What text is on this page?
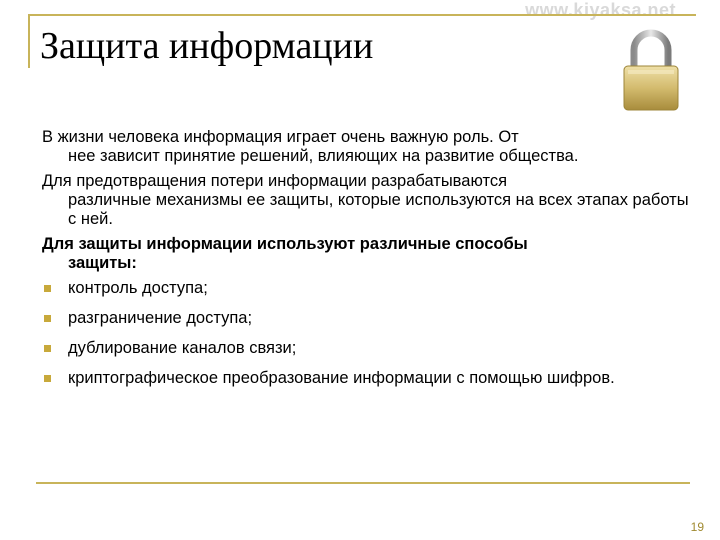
www.kiyaksa.net
Защита информации
В жизни человека информация играет очень важную роль. От
нее зависит принятие решений, влияющих на развитие общества.
Для предотвращения потери информации разрабатываются
различные механизмы ее защиты, которые используются на всех этапах работы с ней.
Для защиты информации используют различные способы
защиты:
контроль доступа;
разграничение доступа;
дублирование каналов связи;
криптографическое преобразование информации с помощью шифров.
19
